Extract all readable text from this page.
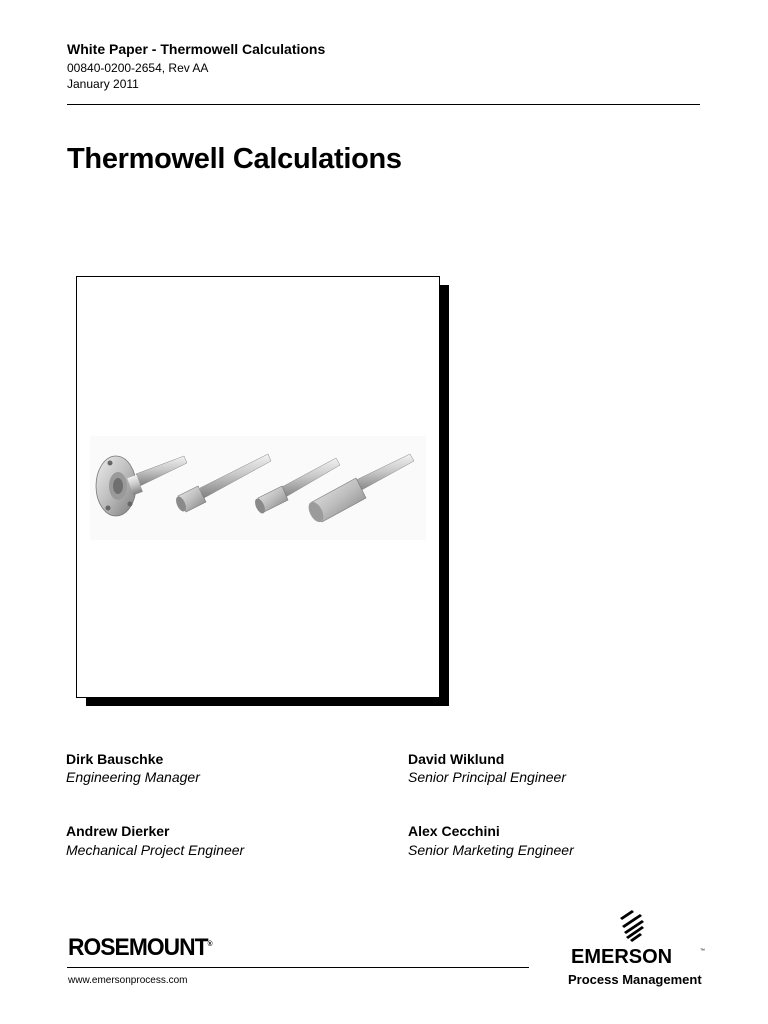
White Paper - Thermowell Calculations
00840-0200-2654, Rev AA
January 2011
Thermowell Calculations
Dirk Bauschke
Engineering Manager
David Wiklund
Senior Principal Engineer
Andrew Dierker
Mechanical Project Engineer
Alex Cecchini
Senior Marketing Engineer
ROSEMOUNT®
www.emersonprocess.com
EMERSON	™
Process Management
